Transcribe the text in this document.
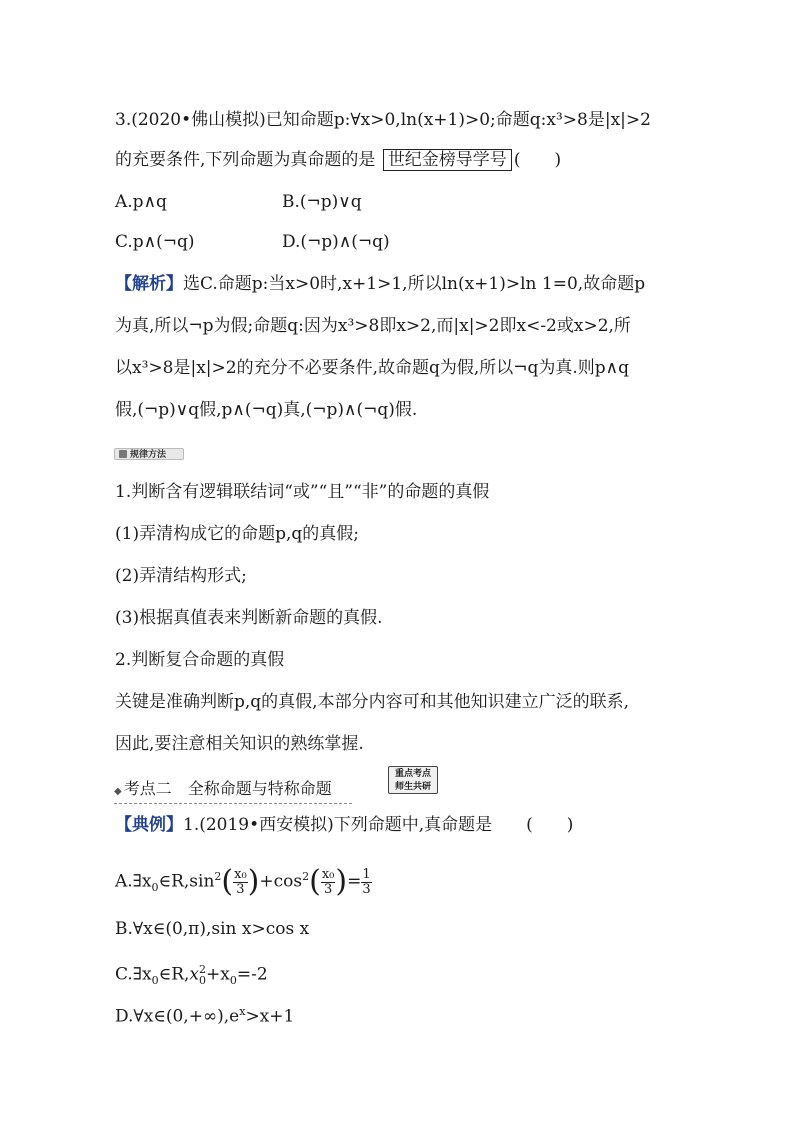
3.(2020•佛山模拟)已知命题p:∀x>0,ln(x+1)>0;命题q:x³>8是|x|>2
的充要条件,下列命题为真命题的是 世纪金榜导学号 (　　)
A.p∧q	B.(¬p)∨q
C.p∧(¬q)	D.(¬p)∧(¬q)
【解析】选C.命题p:当x>0时,x+1>1,所以ln(x+1)>ln 1=0,故命题p
为真,所以¬p为假;命题q:因为x³>8即x>2,而|x|>2即x<-2或x>2,所
以x³>8是|x|>2的充分不必要条件,故命题q为假,所以¬q为真.则p∧q
假,(¬p)∨q假,p∧(¬q)真,(¬p)∧(¬q)假.
规律方法
1.判断含有逻辑联结词“或”“且”“非”的命题的真假
(1)弄清构成它的命题p,q的真假;
(2)弄清结构形式;
(3)根据真值表来判断新命题的真假.
2.判断复合命题的真假
关键是准确判断p,q的真假,本部分内容可和其他知识建立广泛的联系,
因此,要注意相关知识的熟练掌握.
◆ 考点二　全称命题与特称命题
重点考点
师生共研
【典例】1.(2019•西安模拟)下列命题中,真命题是　　(　　)
$A.\exists x_0\in R,\sin^2( \frac{\text{x₀}}{3} )+\cos^2( \frac{\text{x₀}}{3}$ )= $\frac{1}{3}$
B.∀x∈(0,π),sin x>cos x
$C.\exists x_0\in R,x_0^2+x_0=-2$
$D.\forall x\in(0,+\infty),e^x>x+1$
